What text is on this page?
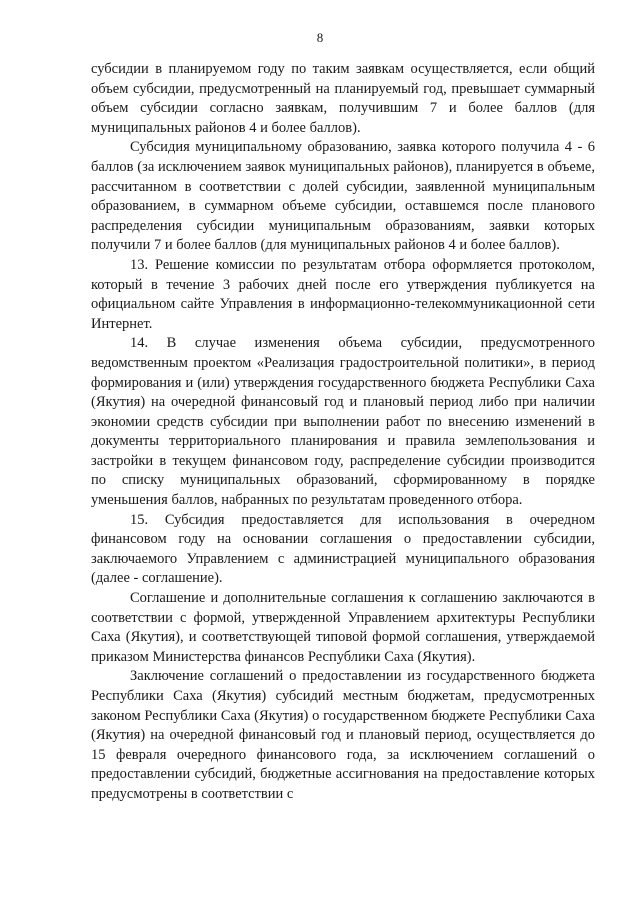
8

субсидии в планируемом году по таким заявкам осуществляется, если общий объем субсидии, предусмотренный на планируемый год, превышает суммарный объем субсидии согласно заявкам, получившим 7 и более баллов (для муниципальных районов 4 и более баллов).

Субсидия муниципальному образованию, заявка которого получила 4 - 6 баллов (за исключением заявок муниципальных районов), планируется в объеме, рассчитанном в соответствии с долей субсидии, заявленной муниципальным образованием, в суммарном объеме субсидии, оставшемся после планового распределения субсидии муниципальным образованиям, заявки которых получили 7 и более баллов (для муниципальных районов 4 и более баллов).

13. Решение комиссии по результатам отбора оформляется протоколом, который в течение 3 рабочих дней после его утверждения публикуется на официальном сайте Управления в информационно-телекоммуникационной сети Интернет.

14. В случае изменения объема субсидии, предусмотренного ведомственным проектом «Реализация градостроительной политики», в период формирования и (или) утверждения государственного бюджета Республики Саха (Якутия) на очередной финансовый год и плановый период либо при наличии экономии средств субсидии при выполнении работ по внесению изменений в документы территориального планирования и правила землепользования и застройки в текущем финансовом году, распределение субсидии производится по списку муниципальных образований, сформированному в порядке уменьшения баллов, набранных по результатам проведенного отбора.

15. Субсидия предоставляется для использования в очередном финансовом году на основании соглашения о предоставлении субсидии, заключаемого Управлением с администрацией муниципального образования (далее - соглашение).

Соглашение и дополнительные соглашения к соглашению заключаются в соответствии с формой, утвержденной Управлением архитектуры Республики Саха (Якутия), и соответствующей типовой формой соглашения, утверждаемой приказом Министерства финансов Республики Саха (Якутия).

Заключение соглашений о предоставлении из государственного бюджета Республики Саха (Якутия) субсидий местным бюджетам, предусмотренных законом Республики Саха (Якутия) о государственном бюджете Республики Саха (Якутия) на очередной финансовый год и плановый период, осуществляется до 15 февраля очередного финансового года, за исключением соглашений о предоставлении субсидий, бюджетные ассигнования на предоставление которых предусмотрены в соответствии с
